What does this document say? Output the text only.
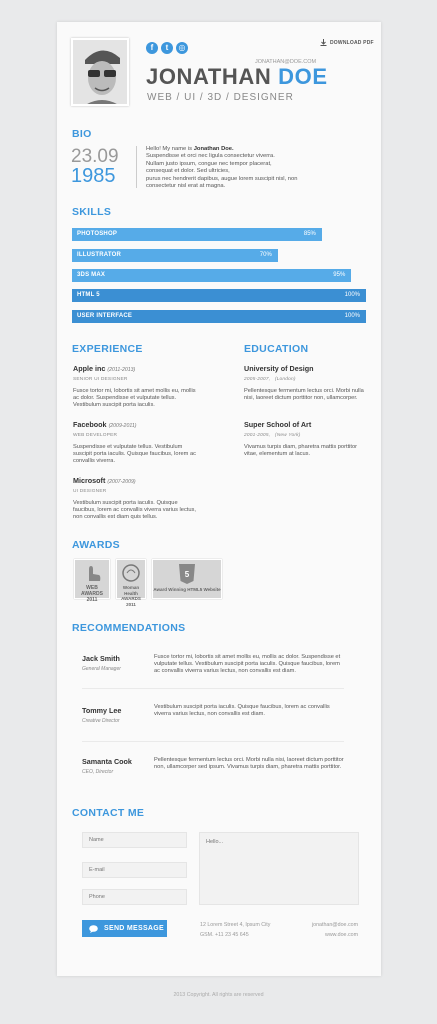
f	t	◎
DOWNLOAD PDF
JONATHAN@DOE.COM
JONATHAN DOE
WEB / UI / 3D / DESIGNER
BIO
23.09
1985
Hello! My name is Jonathan Doe.
Suspendisse et orci nec ligula consectetur viverra.
Nullam justo ipsum, congue nec tempor placerat,
consequat et dolor. Sed ultricies,
purus nec hendrerit dapibus, augue lorem suscipit nisl, non
consectetur nisl erat at magna.
SKILLS
PHOTOSHOP	85%
ILLUSTRATOR	70%
3DS MAX	95%
HTML 5	100%
USER INTERFACE	100%
EXPERIENCE
Apple inc (2011-2013)
SENIOR UI DESIGNER
Fusce tortor mi, lobortis sit amet mollis eu, mollis ac dolor. Suspendisse et vulputate tellus. Vestibulum suscipit porta iaculis.
Facebook (2009-2011)
WEB DEVELOPER
Suspendisse et vulputate tellus. Vestibulum suscipit porta iaculis. Quisque faucibus, lorem ac convallis viverra.
Microsoft (2007-2009)
UI DESIGNER
Vestibulum suscipit porta iaculis. Quisque faucibus, lorem ac convallis viverra varius lectus, non convallis est diam quis tellus.
EDUCATION
University of Design
2005-2007, (London)
Pellentesque fermentum lectus orci. Morbi nulla nisi, laoreet dictum porttitor non, ullamcorper.
Super School of Art
2001-2005, (New York)
Vivamus turpis diam, pharetra mattis porttitor vitae, elementum at lacus.
AWARDS
WEB AWARDS 2011
Woman Health AWARDS 2011
5
Award Winning HTML5 Website
RECOMMENDATIONS
Jack Smith
General Manager
Fusce tortor mi, lobortis sit amet mollis eu, mollis ac dolor. Suspendisse et vulputate tellus. Vestibulum suscipit porta iaculis. Quisque faucibus, lorem ac convallis viverra varius lectus, non convallis est diam.
Tommy Lee
Creative Director
Vestibulum suscipit porta iaculis. Quisque faucibus, lorem ac convallis viverra varius lectus, non convallis est diam.
Samanta Cook
CEO, Director
Pellentesque fermentum lectus orci. Morbi nulla nisi, laoreet dictum porttitor non, ullamcorper sed ipsum. Vivamus turpis diam, pharetra mattis porttitor.
CONTACT ME
Name
E-mail
Phone
Hello...
SEND MESSAGE	12 Lorem Street 4, Ipsum City
GSM. +11 23 45 645
jonathan@doe.com
www.doe.com
2013 Copyright. All rights are reserved
